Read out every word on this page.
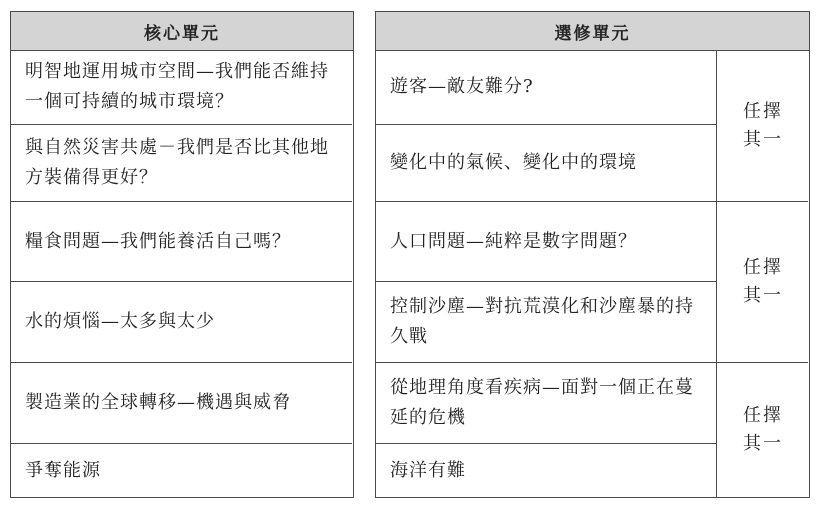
核心單元
明智地運用城市空間—我們能否維持一個可持續的城市環境？
與自然災害共處－我們是否比其他地方裝備得更好？
糧食問題—我們能養活自己嗎？
水的煩惱—太多與太少
製造業的全球轉移—機遇與威脅
爭奪能源
選修單元
遊客—敵友難分?
變化中的氣候、變化中的環境
人口問題—純粹是數字問題？
控制沙塵—對抗荒漠化和沙塵暴的持久戰
從地理角度看疾病—面對一個正在蔓延的危機
海洋有難
任擇其一
任擇其一
任擇其一
